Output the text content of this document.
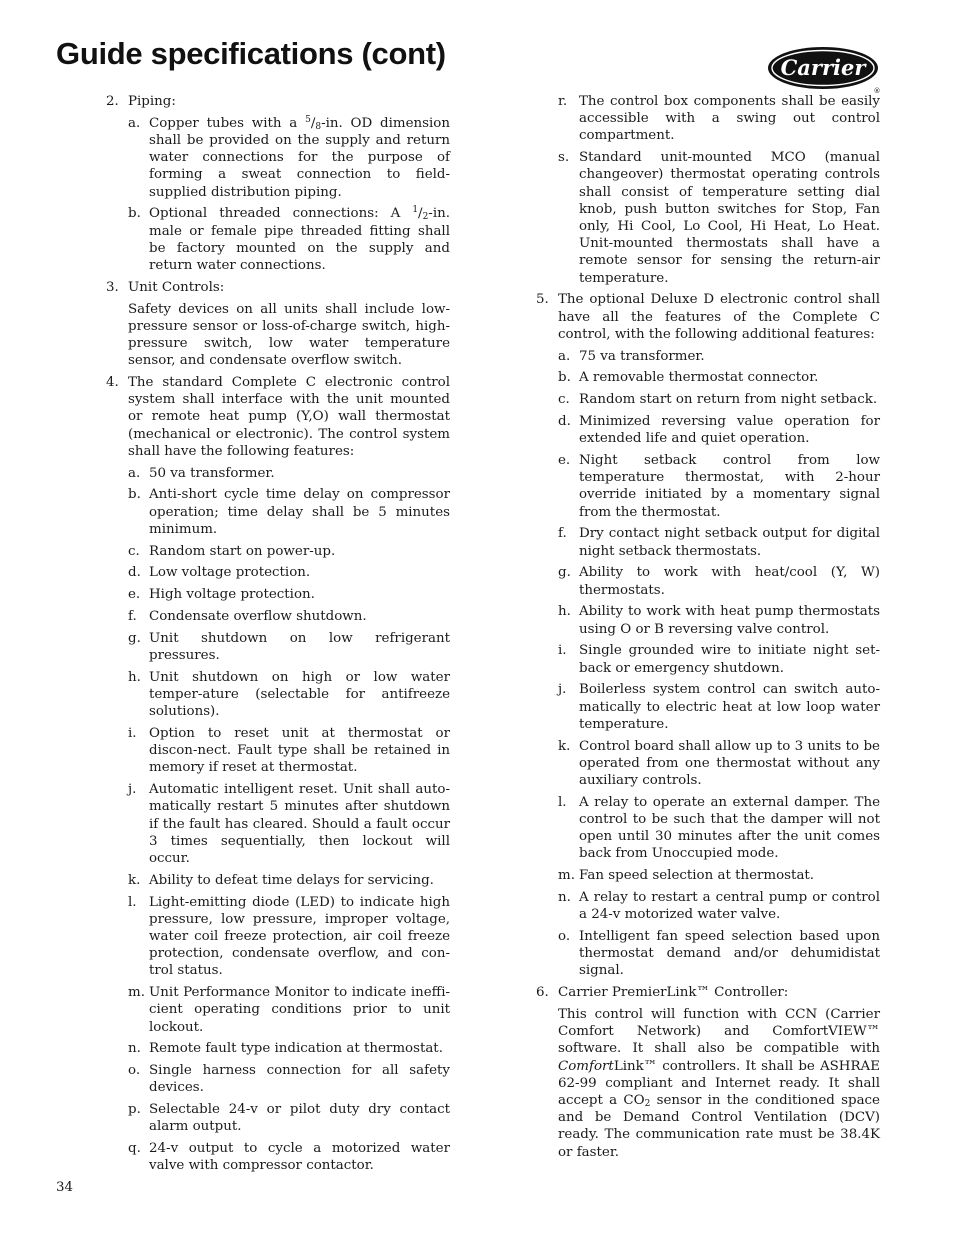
Guide specifications (cont)	Carrier
®
2. Piping:
a. Copper tubes with a $^5/_8-in$. OD dimension shall be provided on the supply and return water connections for the purpose of forming a sweat connection to field-supplied distribution piping.
b. Optional threaded connections: A $^1/_2-in$. male or female pipe threaded fitting shall be factory mounted on the supply and return water connections.
3. Unit Controls:
Safety devices on all units shall include low-pressure sensor or loss-of-charge switch, high-pressure switch, low water temperature sensor, and condensate overflow switch.
4. The standard Complete C electronic control system shall interface with the unit mounted or remote heat pump (Y,O) wall thermostat (mechanical or electronic). The control system shall have the following features:
a. 50 va transformer.
b. Anti-short cycle time delay on compressor operation; time delay shall be 5 minutes minimum.
c. Random start on power-up.
d. Low voltage protection.
e. High voltage protection.
f. Condensate overflow shutdown.
g. Unit shutdown on low refrigerant pressures.
h. Unit shutdown on high or low water temper-ature (selectable for antifreeze solutions).
i. Option to reset unit at thermostat or discon-nect. Fault type shall be retained in memory if reset at thermostat.
j. Automatic intelligent reset. Unit shall auto-matically restart 5 minutes after shutdown if the fault has cleared. Should a fault occur 3 times sequentially, then lockout will occur.
k. Ability to defeat time delays for servicing.
l. Light-emitting diode (LED) to indicate high pressure, low pressure, improper voltage, water coil freeze protection, air coil freeze protection, condensate overflow, and con-trol status.
m. Unit Performance Monitor to indicate ineffi-cient operating conditions prior to unit lockout.
n. Remote fault type indication at thermostat.
o. Single harness connection for all safety devices.
p. Selectable 24-v or pilot duty dry contact alarm output.
q. 24-v output to cycle a motorized water valve with compressor contactor.
r. The control box components shall be easily accessible with a swing out control compartment.
s. Standard unit-mounted MCO (manual changeover) thermostat operating controls shall consist of temperature setting dial knob, push button switches for Stop, Fan only, Hi Cool, Lo Cool, Hi Heat, Lo Heat. Unit-mounted thermostats shall have a remote sensor for sensing the return-air temperature.
5. The optional Deluxe D electronic control shall have all the features of the Complete C control, with the following additional features:
a. 75 va transformer.
b. A removable thermostat connector.
c. Random start on return from night setback.
d. Minimized reversing value operation for extended life and quiet operation.
e. Night setback control from low temperature thermostat, with 2-hour override initiated by a momentary signal from the thermostat.
f. Dry contact night setback output for digital night setback thermostats.
g. Ability to work with heat/cool (Y, W) thermostats.
h. Ability to work with heat pump thermostats using O or B reversing valve control.
i. Single grounded wire to initiate night set-back or emergency shutdown.
j. Boilerless system control can switch auto-matically to electric heat at low loop water temperature.
k. Control board shall allow up to 3 units to be operated from one thermostat without any auxiliary controls.
l. A relay to operate an external damper. The control to be such that the damper will not open until 30 minutes after the unit comes back from Unoccupied mode.
m. Fan speed selection at thermostat.
n. A relay to restart a central pump or control a 24-v motorized water valve.
o. Intelligent fan speed selection based upon thermostat demand and/or dehumidistat signal.
6. Carrier PremierLink™ Controller:
This control will function with CCN (Carrier Comfort Network) and ComfortVIEW™ software. It shall also be compatible with ComfortLink™ controllers. It shall be ASHRAE 62-99 compliant and Internet ready. It shall accept a $CO_2$ sensor in the conditioned space and be Demand Control Ventilation (DCV) ready. The communication rate must be 38.4K or faster.
34
